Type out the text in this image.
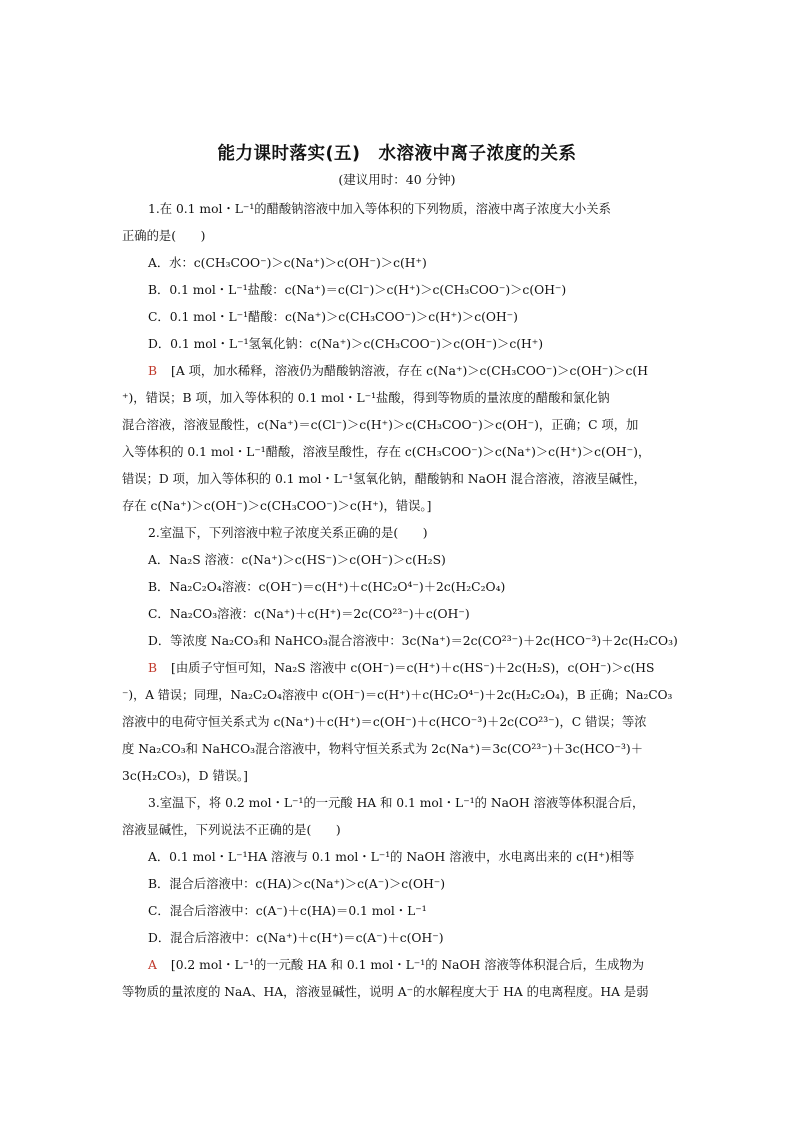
能力课时落实(五)　水溶液中离子浓度的关系
(建议用时：40 分钟)
1.在 0.1 mol・L⁻¹的醋酸钠溶液中加入等体积的下列物质，溶液中离子浓度大小关系
正确的是(　　)
A．水：c(CH₃COO⁻)＞c(Na⁺)＞c(OH⁻)＞c(H⁺)
B．0.1 mol・L⁻¹盐酸：c(Na⁺)＝c(Cl⁻)＞c(H⁺)＞c(CH₃COO⁻)＞c(OH⁻)
C．0.1 mol・L⁻¹醋酸：c(Na⁺)＞c(CH₃COO⁻)＞c(H⁺)＞c(OH⁻)
D．0.1 mol・L⁻¹氢氧化钠：c(Na⁺)＞c(CH₃COO⁻)＞c(OH⁻)＞c(H⁺)
B [A 项，加水稀释，溶液仍为醋酸钠溶液，存在 c(Na⁺)＞c(CH₃COO⁻)＞c(OH⁻)＞c(H
⁺)，错误；B 项，加入等体积的 0.1 mol・L⁻¹盐酸，得到等物质的量浓度的醋酸和氯化钠
混合溶液，溶液显酸性，c(Na⁺)＝c(Cl⁻)＞c(H⁺)＞c(CH₃COO⁻)＞c(OH⁻)，正确；C 项，加
入等体积的 0.1 mol・L⁻¹醋酸，溶液呈酸性，存在 c(CH₃COO⁻)＞c(Na⁺)＞c(H⁺)＞c(OH⁻)，
错误；D 项，加入等体积的 0.1 mol・L⁻¹氢氧化钠，醋酸钠和 NaOH 混合溶液，溶液呈碱性，
存在 c(Na⁺)＞c(OH⁻)＞c(CH₃COO⁻)＞c(H⁺)，错误。]
2.室温下，下列溶液中粒子浓度关系正确的是(　　)
A．Na₂S 溶液：c(Na⁺)＞c(HS⁻)＞c(OH⁻)＞c(H₂S)
B．Na₂C₂O₄溶液：c(OH⁻)＝c(H⁺)＋c(HC₂O⁴⁻)＋2c(H₂C₂O₄)
C．Na₂CO₃溶液：c(Na⁺)＋c(H⁺)＝2c(CO²³⁻)＋c(OH⁻)
D．等浓度 Na₂CO₃和 NaHCO₃混合溶液中：3c(Na⁺)＝2c(CO²³⁻)＋2c(HCO⁻³)＋2c(H₂CO₃)
B [由质子守恒可知，Na₂S 溶液中 c(OH⁻)＝c(H⁺)＋c(HS⁻)＋2c(H₂S)，c(OH⁻)＞c(HS
⁻)，A 错误；同理，Na₂C₂O₄溶液中 c(OH⁻)＝c(H⁺)＋c(HC₂O⁴⁻)＋2c(H₂C₂O₄)，B 正确；Na₂CO₃
溶液中的电荷守恒关系式为 c(Na⁺)＋c(H⁺)＝c(OH⁻)＋c(HCO⁻³)＋2c(CO²³⁻)，C 错误；等浓
度 Na₂CO₃和 NaHCO₃混合溶液中，物料守恒关系式为 2c(Na⁺)＝3c(CO²³⁻)＋3c(HCO⁻³)＋
3c(H₂CO₃)，D 错误。]
3.室温下，将 0.2 mol・L⁻¹的一元酸 HA 和 0.1 mol・L⁻¹的 NaOH 溶液等体积混合后，
溶液显碱性，下列说法不正确的是(　　)
A．0.1 mol・L⁻¹HA 溶液与 0.1 mol・L⁻¹的 NaOH 溶液中，水电离出来的 c(H⁺)相等
B．混合后溶液中：c(HA)＞c(Na⁺)＞c(A⁻)＞c(OH⁻)
C．混合后溶液中：c(A⁻)＋c(HA)＝0.1 mol・L⁻¹
D．混合后溶液中：c(Na⁺)＋c(H⁺)＝c(A⁻)＋c(OH⁻)
A [0.2 mol・L⁻¹的一元酸 HA 和 0.1 mol・L⁻¹的 NaOH 溶液等体积混合后，生成物为
等物质的量浓度的 NaA、HA，溶液显碱性，说明 A⁻的水解程度大于 HA 的电离程度。HA 是弱
